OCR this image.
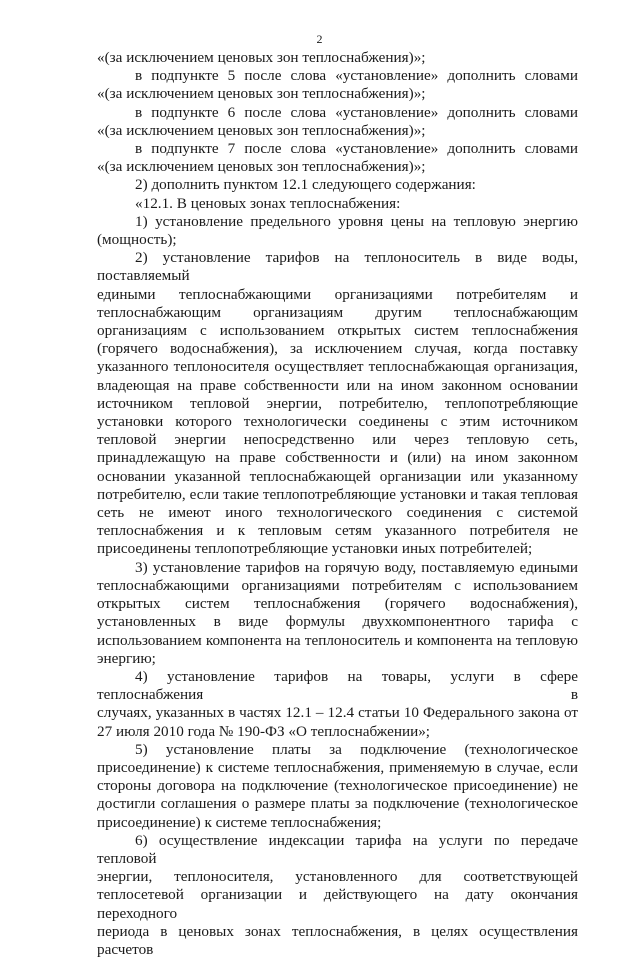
2

«(за исключением ценовых зон теплоснабжения)»;

в подпункте 5 после слова «установление» дополнить словами

«(за исключением ценовых зон теплоснабжения)»;

в подпункте 6 после слова «установление» дополнить словами

«(за исключением ценовых зон теплоснабжения)»;

в подпункте 7 после слова «установление» дополнить словами

«(за исключением ценовых зон теплоснабжения)»;

2) дополнить пунктом 12.1 следующего содержания:

«12.1. В ценовых зонах теплоснабжения:

1) установление предельного уровня цены на тепловую энергию

(мощность);

2) установление тарифов на теплоноситель в виде воды, поставляемый

едиными теплоснабжающими организациями потребителям и

теплоснабжающим организациям другим теплоснабжающим

организациям с использованием открытых систем теплоснабжения

(горячего водоснабжения), за исключением случая, когда поставку

указанного теплоносителя осуществляет теплоснабжающая организация,

владеющая на праве собственности или на ином законном основании

источником тепловой энергии, потребителю, теплопотребляющие

установки которого технологически соединены с этим источником

тепловой энергии непосредственно или через тепловую сеть,

принадлежащую на праве собственности и (или) на ином законном

основании указанной теплоснабжающей организации или указанному

потребителю, если такие теплопотребляющие установки и такая тепловая

сеть не имеют иного технологического соединения с системой

теплоснабжения и к тепловым сетям указанного потребителя не

присоединены теплопотребляющие установки иных потребителей;

3) установление тарифов на горячую воду, поставляемую едиными

теплоснабжающими организациями потребителям с использованием

открытых систем теплоснабжения (горячего водоснабжения),

установленных в виде формулы двухкомпонентного тарифа с

использованием компонента на теплоноситель и компонента на тепловую

энергию;

4) установление тарифов на товары, услуги в сфере теплоснабжения в

случаях, указанных в частях 12.1 – 12.4 статьи 10 Федерального закона от

27 июля 2010 года № 190-ФЗ «О теплоснабжении»;

5) установление платы за подключение (технологическое

присоединение) к системе теплоснабжения, применяемую в случае, если

стороны договора на подключение (технологическое присоединение) не

достигли соглашения о размере платы за подключение (технологическое

присоединение) к системе теплоснабжения;

6) осуществление индексации тарифа на услуги по передаче тепловой

энергии, теплоносителя, установленного для соответствующей

теплосетевой организации и действующего на дату окончания переходного

периода в ценовых зонах теплоснабжения, в целях осуществления расчетов
